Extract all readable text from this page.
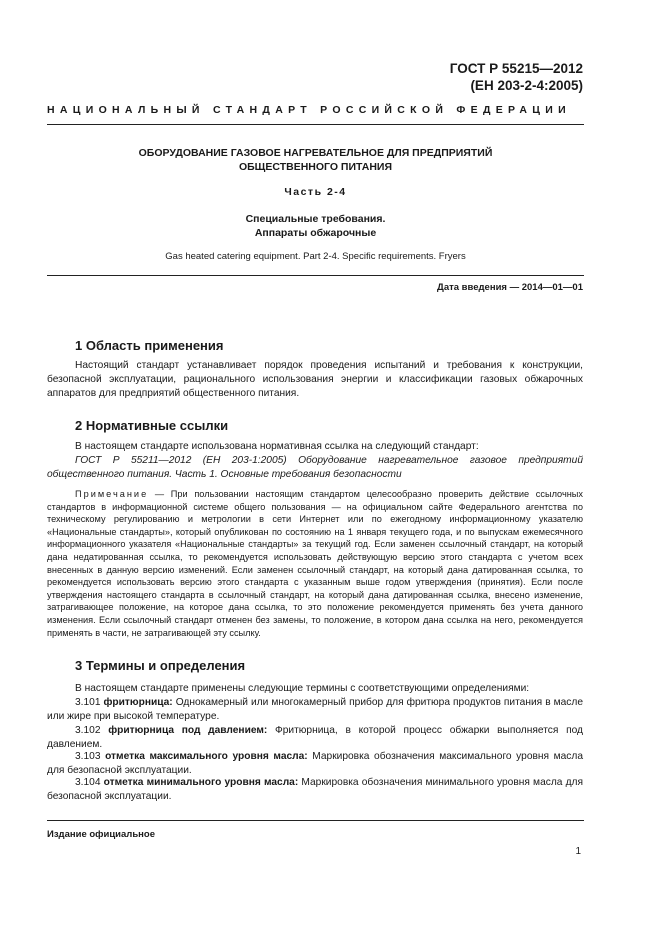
ГОСТ Р 55215—2012
(ЕН 203-2-4:2005)
НАЦИОНАЛЬНЫЙ СТАНДАРТ РОССИЙСКОЙ ФЕДЕРАЦИИ
ОБОРУДОВАНИЕ ГАЗОВОЕ НАГРЕВАТЕЛЬНОЕ ДЛЯ ПРЕДПРИЯТИЙ
ОБЩЕСТВЕННОГО ПИТАНИЯ
Часть 2-4
Специальные требования.
Аппараты обжарочные
Gas heated catering equipment. Part 2-4. Specific requirements. Fryers
Дата введения — 2014—01—01
1 Область применения
Настоящий стандарт устанавливает порядок проведения испытаний и требования к конструкции, безопасной эксплуатации, рационального использования энергии и классификации газовых обжарочных аппаратов для предприятий общественного питания.
2 Нормативные ссылки
В настоящем стандарте использована нормативная ссылка на следующий стандарт:
ГОСТ Р 55211—2012 (ЕН 203-1:2005) Оборудование нагревательное газовое предприятий общественного питания. Часть 1. Основные требования безопасности
Примечание — При пользовании настоящим стандартом целесообразно проверить действие ссылочных стандартов в информационной системе общего пользования — на официальном сайте Федерального агентства по техническому регулированию и метрологии в сети Интернет или по ежегодному информационному указателю «Национальные стандарты», который опубликован по состоянию на 1 января текущего года, и по выпускам ежемесячного информационного указателя «Национальные стандарты» за текущий год. Если заменен ссылочный стандарт, на который дана недатированная ссылка, то рекомендуется использовать действующую версию этого стандарта с учетом всех внесенных в данную версию изменений. Если заменен ссылочный стандарт, на который дана датированная ссылка, то рекомендуется использовать версию этого стандарта с указанным выше годом утверждения (принятия). Если после утверждения настоящего стандарта в ссылочный стандарт, на который дана датированная ссылка, внесено изменение, затрагивающее положение, на которое дана ссылка, то это положение рекомендуется применять без учета данного изменения. Если ссылочный стандарт отменен без замены, то положение, в котором дана ссылка на него, рекомендуется применять в части, не затрагивающей эту ссылку.
3 Термины и определения
В настоящем стандарте применены следующие термины с соответствующими определениями:
3.101 фритюрница: Однокамерный или многокамерный прибор для фритюра продуктов питания в масле или жире при высокой температуре.
3.102 фритюрница под давлением: Фритюрница, в которой процесс обжарки выполняется под давлением.
3.103 отметка максимального уровня масла: Маркировка обозначения максимального уровня масла для безопасной эксплуатации.
3.104 отметка минимального уровня масла: Маркировка обозначения минимального уровня масла для безопасной эксплуатации.
Издание официальное
1
